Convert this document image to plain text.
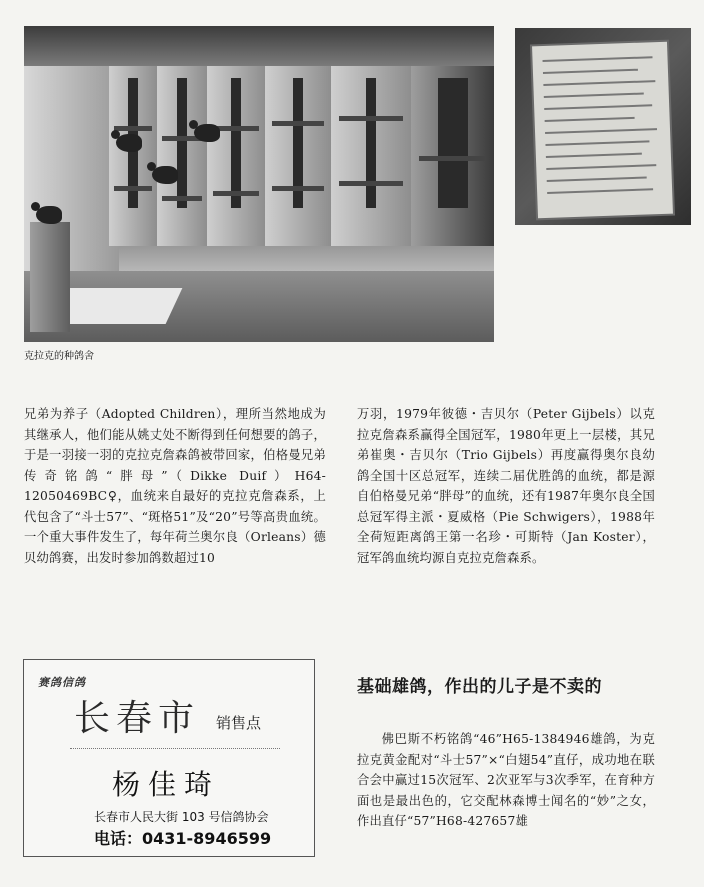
克拉克的种鸽舍

兄弟为养子（Adopted Children），理所当然地成为其继承人，他们能从姚丈处不断得到任何想要的鸽子，于是一羽接一羽的克拉克詹森鸽被带回家，伯格曼兄弟传奇铭鸽“胖母”（Dikke Duif）H64-12050469BC♀，血统来自最好的克拉克詹森系，上代包含了“斗士57”、“斑格51”及“20”号等高贵血统。一个重大事件发生了，每年荷兰奥尔良（Orleans）德贝幼鸽赛，出发时参加鸽数超过10

万羽，1979年彼德・吉贝尔（Peter Gijbels）以克拉克詹森系赢得全国冠军，1980年更上一层楼，其兄弟崔奥・吉贝尔（Trio Gijbels）再度赢得奥尔良幼鸽全国十区总冠军，连续二届优胜鸽的血统，都是源自伯格曼兄弟“胖母”的血统，还有1987年奥尔良全国总冠军得主派・夏威格（Pie Schwigers），1988年全荷短距离鸽王第一名珍・可斯特（Jan Koster），冠军鸽血统均源自克拉克詹森系。

基础雄鸽，作出的儿子是不卖的

佛巴斯不朽铭鸽“46”H65-1384946雄鸽，为克拉克黄金配对“斗士57”×“白翅54”直仔，成功地在联合会中赢过15次冠军、2次亚军与3次季军，在育种方面也是最出色的，它交配林森博士闻名的“妙”之女，作出直仔“57”H68-427657雄

赛鸽信鸽
长春市 销售点
杨佳琦
长春市人民大街 103 号信鸽协会
电话：0431-8946599
